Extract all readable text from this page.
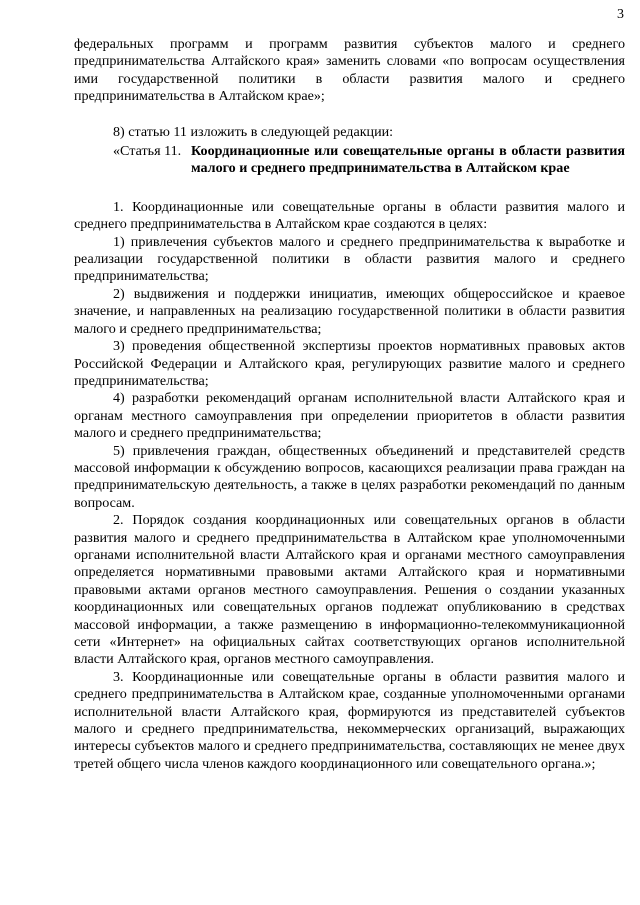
3

федеральных программ и программ развития субъектов малого и среднего предпринимательства Алтайского края» заменить словами «по вопросам осуществления ими государственной политики в области развития малого и среднего предпринимательства в Алтайском крае»;

8) статью 11 изложить в следующей редакции:

«Статья 11. Координационные или совещательные органы в области развития малого и среднего предпринимательства в Алтайском крае

1. Координационные или совещательные органы в области развития малого и среднего предпринимательства в Алтайском крае создаются в целях:

1) привлечения субъектов малого и среднего предпринимательства к выработке и реализации государственной политики в области развития малого и среднего предпринимательства;

2) выдвижения и поддержки инициатив, имеющих общероссийское и краевое значение, и направленных на реализацию государственной политики в области развития малого и среднего предпринимательства;

3) проведения общественной экспертизы проектов нормативных правовых актов Российской Федерации и Алтайского края, регулирующих развитие малого и среднего предпринимательства;

4) разработки рекомендаций органам исполнительной власти Алтайского края и органам местного самоуправления при определении приоритетов в области развития малого и среднего предпринимательства;

5) привлечения граждан, общественных объединений и представителей средств массовой информации к обсуждению вопросов, касающихся реализации права граждан на предпринимательскую деятельность, а также в целях разработки рекомендаций по данным вопросам.

2. Порядок создания координационных или совещательных органов в области развития малого и среднего предпринимательства в Алтайском крае уполномоченными органами исполнительной власти Алтайского края и органами местного самоуправления определяется нормативными правовыми актами Алтайского края и нормативными правовыми актами органов местного самоуправления. Решения о создании указанных координационных или совещательных органов подлежат опубликованию в средствах массовой информации, а также размещению в информационно-телекоммуникационной сети «Интернет» на официальных сайтах соответствующих органов исполнительной власти Алтайского края, органов местного самоуправления.

3. Координационные или совещательные органы в области развития малого и среднего предпринимательства в Алтайском крае, созданные уполномоченными органами исполнительной власти Алтайского края, формируются из представителей субъектов малого и среднего предпринимательства, некоммерческих организаций, выражающих интересы субъектов малого и среднего предпринимательства, составляющих не менее двух третей общего числа членов каждого координационного или совещательного органа.»;
